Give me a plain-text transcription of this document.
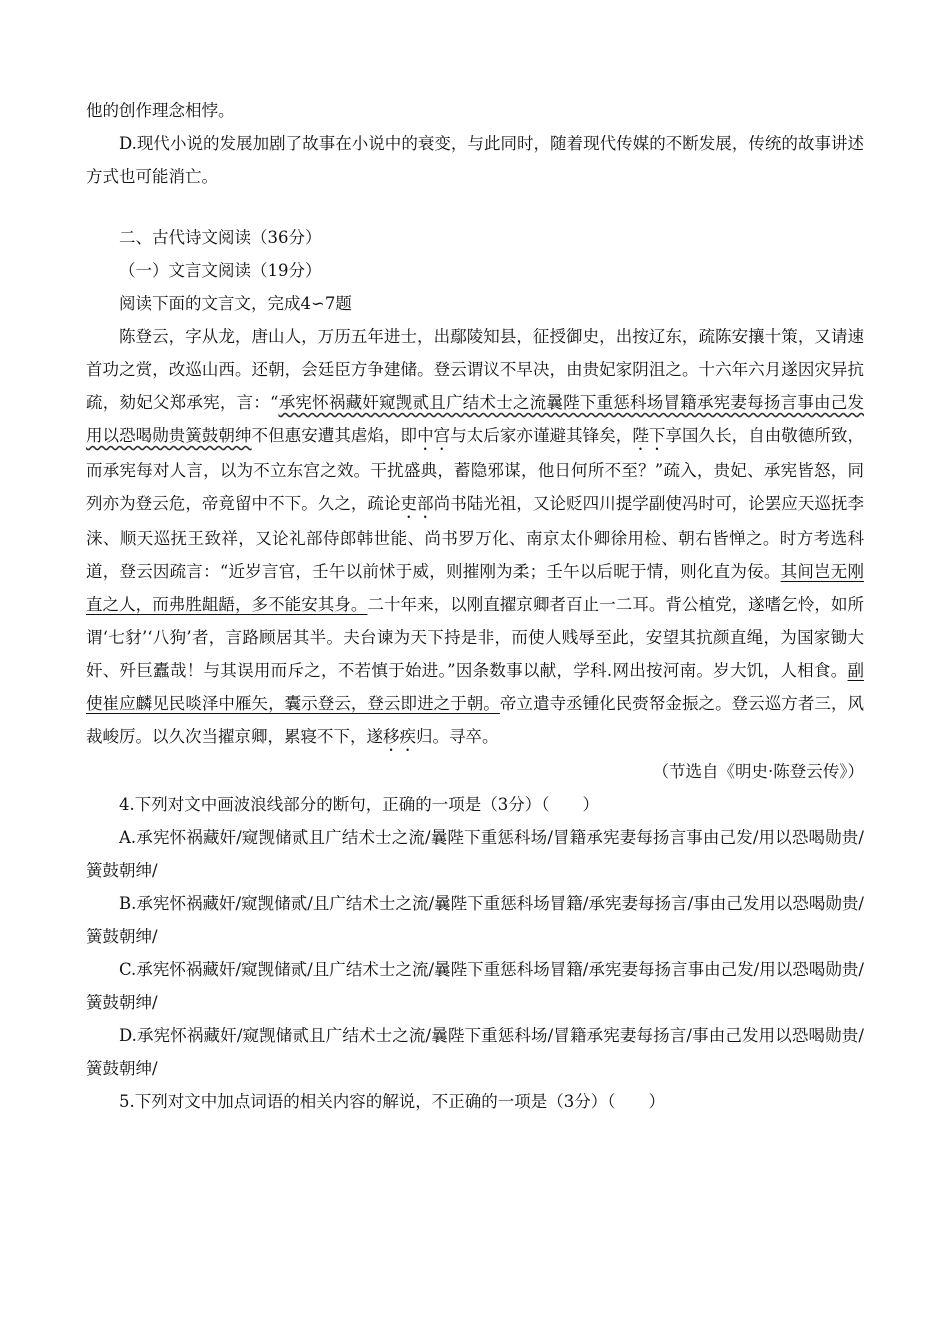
他的创作理念相悖。

D.现代小说的发展加剧了故事在小说中的衰变，与此同时，随着现代传媒的不断发展，传统的故事讲述方式也可能消亡。

二、古代诗文阅读（36分）

（一）文言文阅读（19分）

阅读下面的文言文，完成4∽7题

陈登云，字从龙，唐山人，万历五年进士，出鄢陵知县，征授御史，出按辽东，疏陈安攘十策，又请速首功之赏，改巡山西。还朝，会廷臣方争建储。登云谓议不早决，由贵妃家阴沮之。十六年六月遂因灾异抗疏，劾妃父郑承宪，言：“承宪怀祸藏奸窥觊贰且广结术士之流曩陛下重惩科场冒籍承宪妻每扬言事由己发用以恐喝勋贵簧鼓朝绅不但惠安遭其虐焰，即中宫与太后家亦谨避其锋矣，陛下享国久长，自由敬德所致，而承宪每对人言，以为不立东宫之效。干扰盛典，蓄隐邪谋，他日何所不至？”疏入，贵妃、承宪皆怒，同列亦为登云危，帝竟留中不下。久之，疏论吏部尚书陆光祖，又论贬四川提学副使冯时可，论罢应天巡抚李涞、顺天巡抚王致祥，又论礼部侍郎韩世能、尚书罗万化、南京太仆卿徐用检、朝右皆惮之。时方考选科道，登云因疏言：“近岁言官，壬午以前怵于威，则摧刚为柔；壬午以后昵于情，则化直为佞。其间岂无刚直之人，而弗胜龃龉，多不能安其身。二十年来，以刚直擢京卿者百止一二耳。背公植党，遂嗜乞怜，如所谓‘七豺’‘八狗’者，言路顾居其半。夫台谏为天下持是非，而使人贱辱至此，安望其抗颜直绳，为国家锄大奸、歼巨蠹哉！与其误用而斥之，不若慎于始进。”因条数事以献，学科.网出按河南。岁大饥，人相食。副使崔应麟见民啖泽中雁矢，囊示登云，登云即进之于朝。帝立遣寺丞锺化民赍帑金振之。登云巡方者三，风裁峻厉。以久次当擢京卿，累寝不下，遂移疾归。寻卒。

（节选自《明史·陈登云传》）

4.下列对文中画波浪线部分的断句，正确的一项是（3分）（　　）

A.承宪怀祸藏奸/窥觊储贰且广结术士之流/曩陛下重惩科场/冒籍承宪妻每扬言事由己发/用以恐喝勋贵/簧鼓朝绅/

B.承宪怀祸藏奸/窥觊储贰/且广结术士之流/曩陛下重惩科场冒籍/承宪妻每扬言/事由己发用以恐喝勋贵/簧鼓朝绅/

C.承宪怀祸藏奸/窥觊储贰/且广结术士之流/曩陛下重惩科场冒籍/承宪妻每扬言事由己发/用以恐喝勋贵/簧鼓朝绅/

D.承宪怀祸藏奸/窥觊储贰且广结术士之流/曩陛下重惩科场/冒籍承宪妻每扬言/事由己发用以恐喝勋贵/簧鼓朝绅/

5.下列对文中加点词语的相关内容的解说，不正确的一项是（3分）（　　）
